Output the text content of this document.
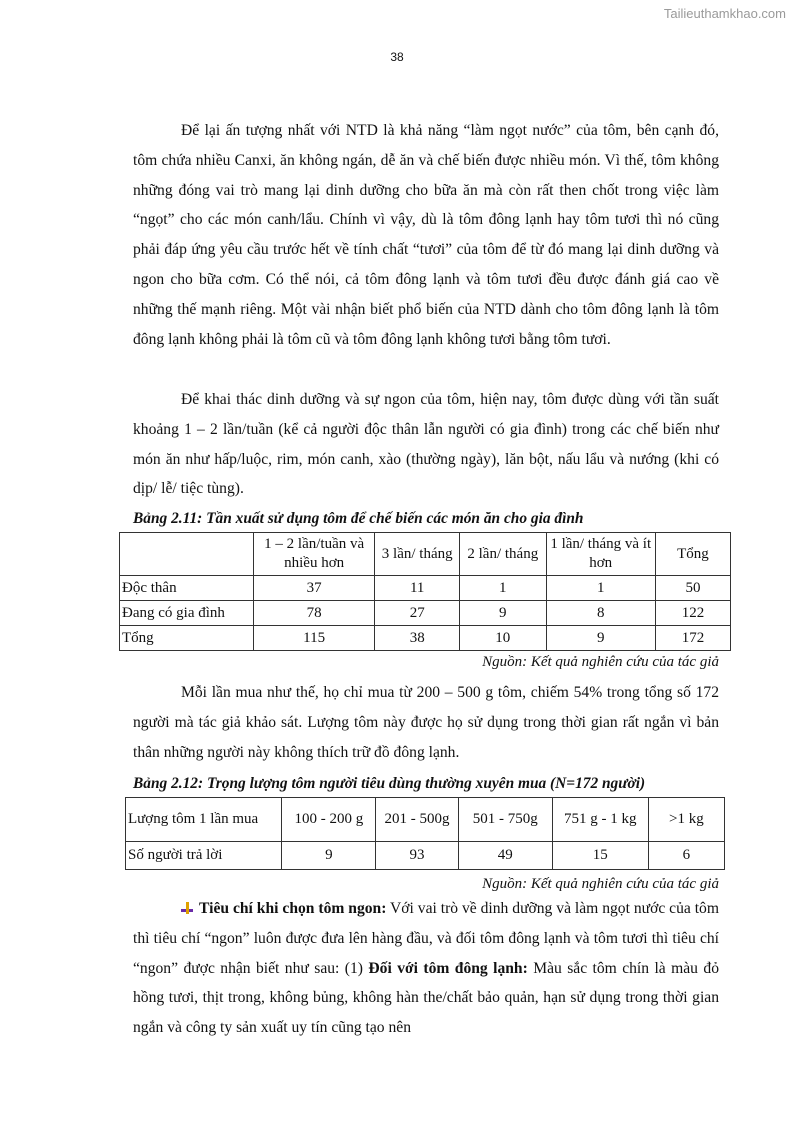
Tailieuthamkhao.com
38

Để lại ấn tượng nhất với NTD là khả năng “làm ngọt nước” của tôm, bên cạnh đó, tôm chứa nhiều Canxi, ăn không ngán, dễ ăn và chế biến được nhiều món. Vì thế, tôm không những đóng vai trò mang lại dinh dưỡng cho bữa ăn mà còn rất then chốt trong việc làm “ngọt” cho các món canh/lẩu. Chính vì vậy, dù là tôm đông lạnh hay tôm tươi thì nó cũng phải đáp ứng yêu cầu trước hết về tính chất “tươi” của tôm để từ đó mang lại dinh dưỡng và ngon cho bữa cơm. Có thể nói, cả tôm đông lạnh và tôm tươi đều được đánh giá cao về những thế mạnh riêng. Một vài nhận biết phổ biến của NTD dành cho tôm đông lạnh là tôm đông lạnh không phải là tôm cũ và tôm đông lạnh không tươi bằng tôm tươi.

Để khai thác dinh dưỡng và sự ngon của tôm, hiện nay, tôm được dùng với tần suất khoảng 1 – 2 lần/tuần (kể cả người độc thân lẫn người có gia đình) trong các chế biến như món ăn như hấp/luộc, rim, món canh, xào (thường ngày), lăn bột, nấu lẩu và nướng (khi có dịp/ lễ/ tiệc tùng).

Bảng 2.11: Tần xuất sử dụng tôm để chế biến các món ăn cho gia đình

	1 – 2 lần/tuần và nhiều hơn	3 lần/ tháng	2 lần/ tháng	1 lần/ tháng và ít hơn	Tổng
Độc thân	37	11	1	1	50
Đang có gia đình	78	27	9	8	122
Tổng	115	38	10	9	172

Nguồn: Kết quả nghiên cứu của tác giả

Mỗi lần mua như thế, họ chỉ mua từ 200 – 500 g tôm, chiếm 54% trong tổng số 172 người mà tác giả khảo sát. Lượng tôm này được họ sử dụng trong thời gian rất ngắn vì bản thân những người này không thích trữ đồ đông lạnh.

Bảng 2.12: Trọng lượng tôm người tiêu dùng thường xuyên mua (N=172 người)

Lượng tôm 1 lần mua	100 - 200 g	201 - 500g	501 - 750g	751 g - 1 kg	>1 kg
Số người trả lời	9	93	49	15	6

Nguồn: Kết quả nghiên cứu của tác giả

Tiêu chí khi chọn tôm ngon: Với vai trò về dinh dưỡng và làm ngọt nước của tôm thì tiêu chí “ngon” luôn được đưa lên hàng đầu, và đối tôm đông lạnh và tôm tươi thì tiêu chí “ngon” được nhận biết như sau: (1) Đối với tôm đông lạnh: Màu sắc tôm chín là màu đỏ hồng tươi, thịt trong, không bủng, không hàn the/chất bảo quản, hạn sử dụng trong thời gian ngắn và công ty sản xuất uy tín cũng tạo nên
